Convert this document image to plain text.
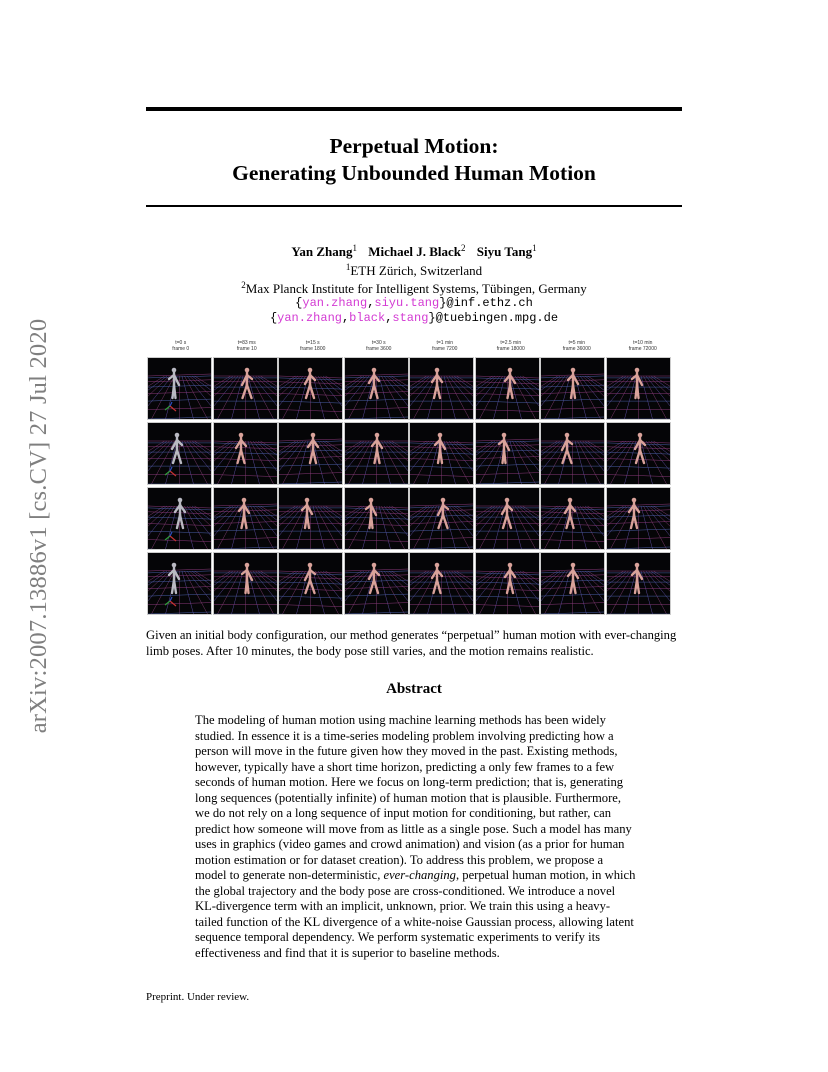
arXiv:2007.13886v1 [cs.CV] 27 Jul 2020
Perpetual Motion:
Generating Unbounded Human Motion
Yan Zhang$^1$ Michael J. Black$^2$ Siyu Tang$^1$
$^1$ETH Zürich, Switzerland
$^2$Max Planck Institute for Intelligent Systems, Tübingen, Germany
{yan.zhang,siyu.tang}@inf.ethz.ch
{yan.zhang,black,stang}@tuebingen.mpg.de
t=0 s
frame 0
t=83 ms
frame 10
t=15 s
frame 1800
t=30 s
frame 3600
t=1 min
frame 7200
t=2.5 min
frame 18000
t=5 min
frame 36000
t=10 min
frame 72000
Given an initial body configuration, our method generates “perpetual” human motion with ever-changing limb poses. After 10 minutes, the body pose still varies, and the motion remains realistic.
Abstract

The modeling of human motion using machine learning methods has been widely studied. In essence it is a time-series modeling problem involving predicting how a person will move in the future given how they moved in the past. Existing methods, however, typically have a short time horizon, predicting a only few frames to a few seconds of human motion. Here we focus on long-term prediction; that is, generating long sequences (potentially infinite) of human motion that is plausible. Furthermore, we do not rely on a long sequence of input motion for conditioning, but rather, can predict how someone will move from as little as a single pose. Such a model has many uses in graphics (video games and crowd animation) and vision (as a prior for human motion estimation or for dataset creation). To address this problem, we propose a model to generate non-deterministic, ever-changing, perpetual human motion, in which the global trajectory and the body pose are cross-conditioned. We introduce a novel KL-divergence term with an implicit, unknown, prior. We train this using a heavy-tailed function of the KL divergence of a white-noise Gaussian process, allowing latent sequence temporal dependency. We perform systematic experiments to verify its effectiveness and find that it is superior to baseline methods.

Preprint. Under review.
